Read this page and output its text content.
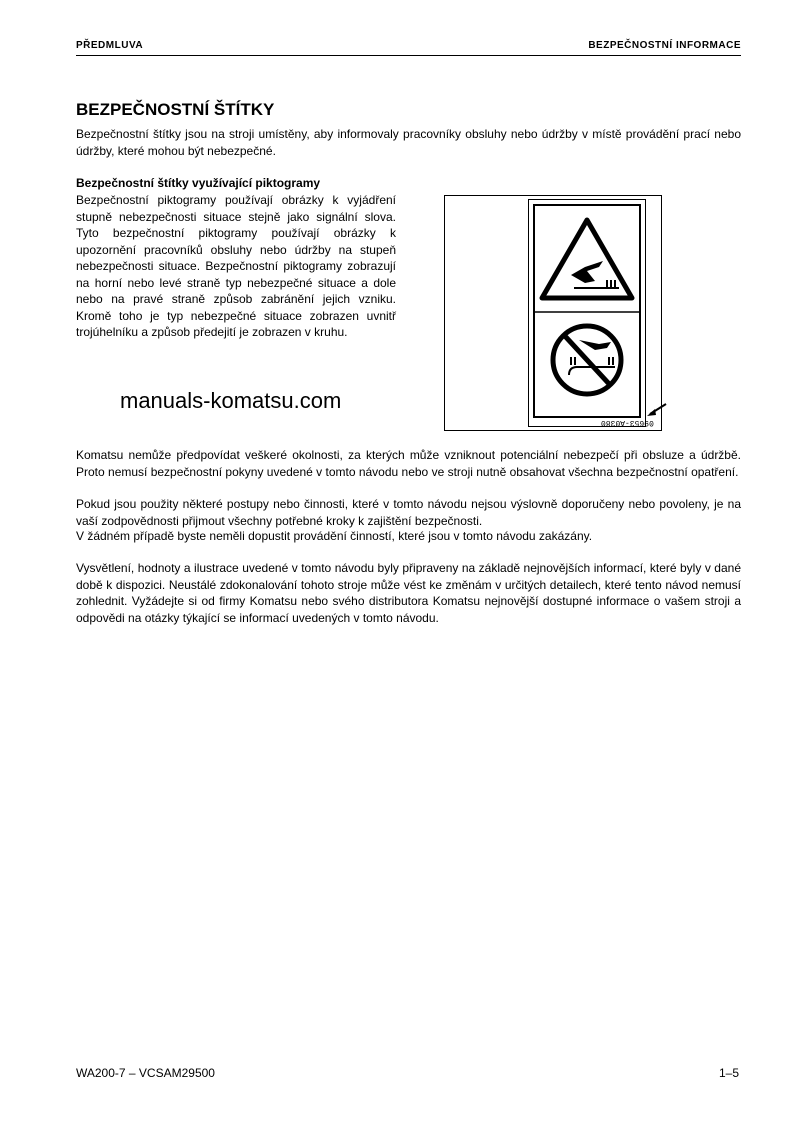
PŘEDMLUVA	BEZPEČNOSTNÍ INFORMACE
BEZPEČNOSTNÍ ŠTÍTKY
Bezpečnostní štítky jsou na stroji umístěny, aby informovaly pracovníky obsluhy nebo údržby v místě provádění prací nebo údržby, které mohou být nebezpečné.
Bezpečnostní štítky využívající piktogramy
Bezpečnostní piktogramy používají obrázky k vyjádření stupně nebezpečnosti situace stejně jako signální slova. Tyto bezpečnostní piktogramy používají obrázky k upozornění pracovníků obsluhy nebo údržby na stupeň nebezpečnosti situace. Bezpečnostní piktogramy zobrazují na horní nebo levé straně typ nebezpečné situace a dole nebo na pravé straně způsob zabránění jejich vzniku. Kromě toho je typ nebezpečné situace zobrazen uvnitř trojúhelníku a způsob předejití je zobrazen v kruhu.
manuals-komatsu.com
09653-A0380
Komatsu nemůže předpovídat veškeré okolnosti, za kterých může vzniknout potenciální nebezpečí při obsluze a údržbě. Proto nemusí bezpečnostní pokyny uvedené v tomto návodu nebo ve stroji nutně obsahovat všechna bezpečnostní opatření.
Pokud jsou použity některé postupy nebo činnosti, které v tomto návodu nejsou výslovně doporučeny nebo povoleny, je na vaší zodpovědnosti přijmout všechny potřebné kroky k zajištění bezpečnosti.
V žádném případě byste neměli dopustit provádění činností, které jsou v tomto návodu zakázány.
Vysvětlení, hodnoty a ilustrace uvedené v tomto návodu byly připraveny na základě nejnovějších informací, které byly v dané době k dispozici. Neustálé zdokonalování tohoto stroje může vést ke změnám v určitých detailech, které tento návod nemusí zohlednit. Vyžádejte si od firmy Komatsu nebo svého distributora Komatsu nejnovější dostupné informace o vašem stroji a odpovědi na otázky týkající se informací uvedených v tomto návodu.
WA200-7 – VCSAM29500	1–5
